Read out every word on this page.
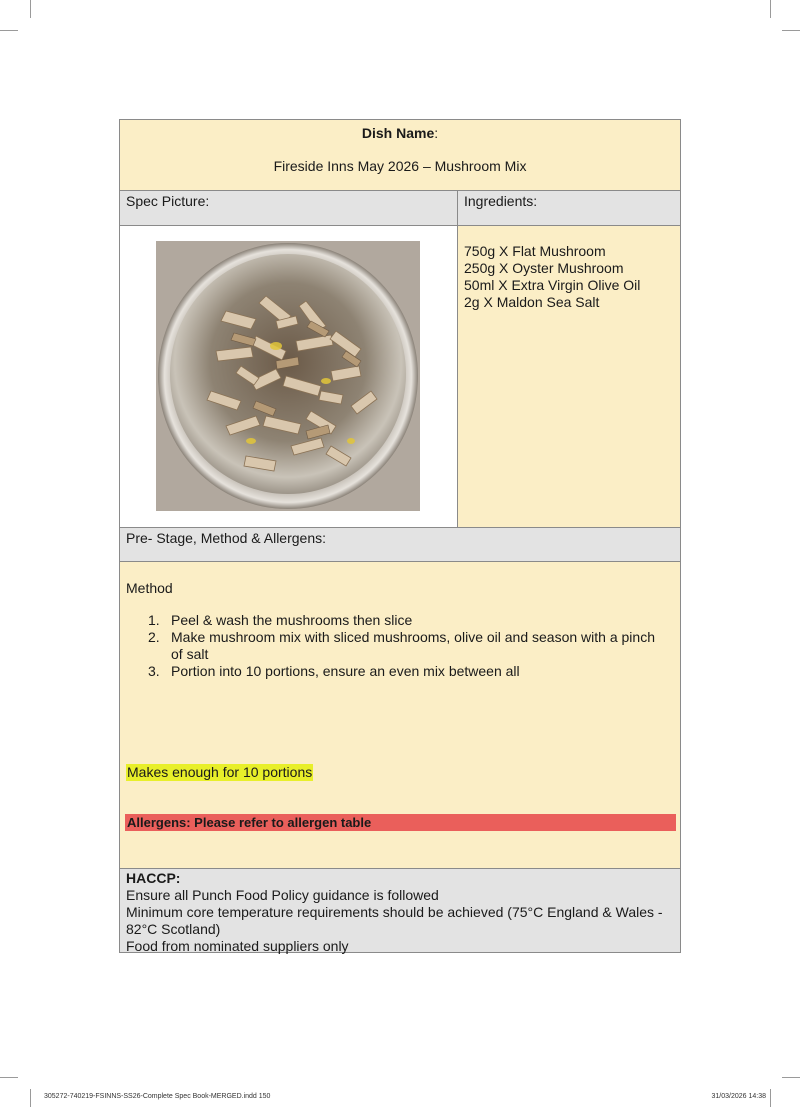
Dish Name:
Fireside Inns May 2026 – Mushroom Mix
Spec Picture:	Ingredients:
750g X Flat Mushroom
250g X Oyster Mushroom
50ml X Extra Virgin Olive Oil
2g X Maldon Sea Salt
Pre- Stage, Method & Allergens:
Method
1. Peel & wash the mushrooms then slice
2. Make mushroom mix with sliced mushrooms, olive oil and season with a pinch of salt
3. Portion into 10 portions, ensure an even mix between all
Makes enough for 10 portions
Allergens: Please refer to allergen table
HACCP:
Ensure all Punch Food Policy guidance is followed
Minimum core temperature requirements should be achieved (75°C England & Wales - 82°C Scotland)
Food from nominated suppliers only
305272-740219-FSINNS-SS26-Complete Spec Book-MERGED.indd 150	31/03/2026 14:38
